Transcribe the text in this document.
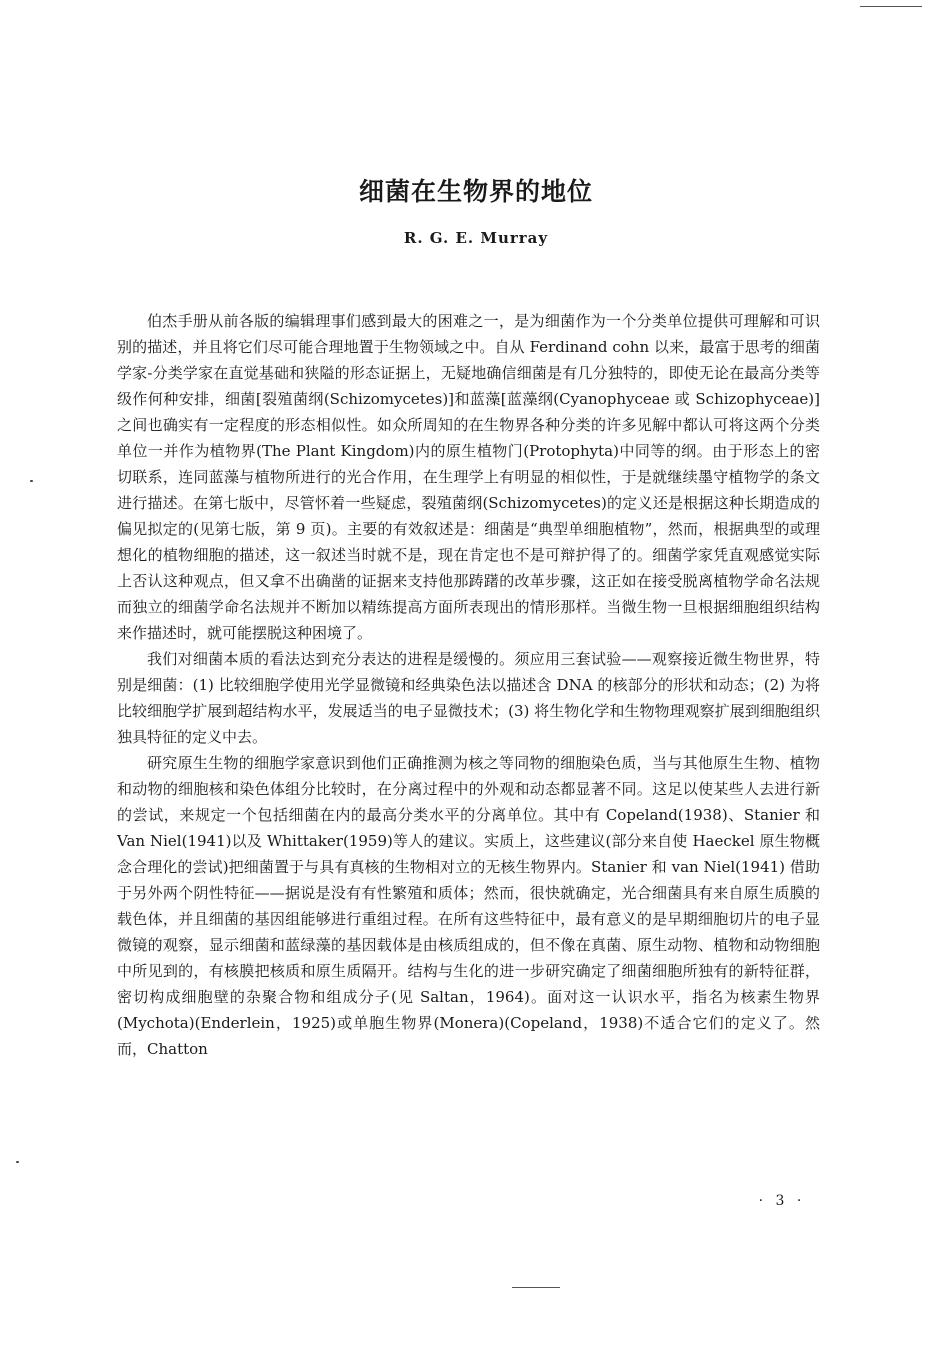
细菌在生物界的地位
R. G. E. Murray

伯杰手册从前各版的编辑理事们感到最大的困难之一，是为细菌作为一个分类单位提供可理解和可识别的描述，并且将它们尽可能合理地置于生物领域之中。自从 Ferdinand cohn 以来，最富于思考的细菌学家-分类学家在直觉基础和狭隘的形态证据上，无疑地确信细菌是有几分独特的，即使无论在最高分类等级作何种安排，细菌[裂殖菌纲(Schizomycetes)]和蓝藻[蓝藻纲(Cyanophyceae 或 Schizophyceae)]之间也确实有一定程度的形态相似性。如众所周知的在生物界各种分类的许多见解中都认可将这两个分类单位一并作为植物界(The Plant Kingdom)内的原生植物门(Protophyta)中同等的纲。由于形态上的密切联系，连同蓝藻与植物所进行的光合作用，在生理学上有明显的相似性，于是就继续墨守植物学的条文进行描述。在第七版中，尽管怀着一些疑虑，裂殖菌纲(Schizomycetes)的定义还是根据这种长期造成的偏见拟定的(见第七版，第 9 页)。主要的有效叙述是：细菌是“典型单细胞植物”，然而，根据典型的或理想化的植物细胞的描述，这一叙述当时就不是，现在肯定也不是可辩护得了的。细菌学家凭直观感觉实际上否认这种观点，但又拿不出确凿的证据来支持他那踌躇的改革步骤，这正如在接受脱离植物学命名法规而独立的细菌学命名法规并不断加以精练提高方面所表现出的情形那样。当微生物一旦根据细胞组织结构来作描述时，就可能摆脱这种困境了。

我们对细菌本质的看法达到充分表达的进程是缓慢的。须应用三套试验——观察接近微生物世界，特别是细菌：(1) 比较细胞学使用光学显微镜和经典染色法以描述含 DNA 的核部分的形状和动态；(2) 为将比较细胞学扩展到超结构水平，发展适当的电子显微技术；(3) 将生物化学和生物物理观察扩展到细胞组织独具特征的定义中去。

研究原生生物的细胞学家意识到他们正确推测为核之等同物的细胞染色质，当与其他原生生物、植物和动物的细胞核和染色体组分比较时，在分离过程中的外观和动态都显著不同。这足以使某些人去进行新的尝试，来规定一个包括细菌在内的最高分类水平的分离单位。其中有 Copeland(1938)、Stanier 和 Van Niel(1941)以及 Whittaker(1959)等人的建议。实质上，这些建议(部分来自使 Haeckel 原生物概念合理化的尝试)把细菌置于与具有真核的生物相对立的无核生物界内。Stanier 和 van Niel(1941) 借助于另外两个阴性特征——据说是没有有性繁殖和质体；然而，很快就确定，光合细菌具有来自原生质膜的载色体，并且细菌的基因组能够进行重组过程。在所有这些特征中，最有意义的是早期细胞切片的电子显微镜的观察，显示细菌和蓝绿藻的基因载体是由核质组成的，但不像在真菌、原生动物、植物和动物细胞中所见到的，有核膜把核质和原生质隔开。结构与生化的进一步研究确定了细菌细胞所独有的新特征群，密切构成细胞壁的杂聚合物和组成分子(见 Saltan，1964)。面对这一认识水平，指名为核素生物界(Mychota)(Enderlein，1925)或单胞生物界(Monera)(Copeland，1938)不适合它们的定义了。然而，Chatton

· 3 ·
